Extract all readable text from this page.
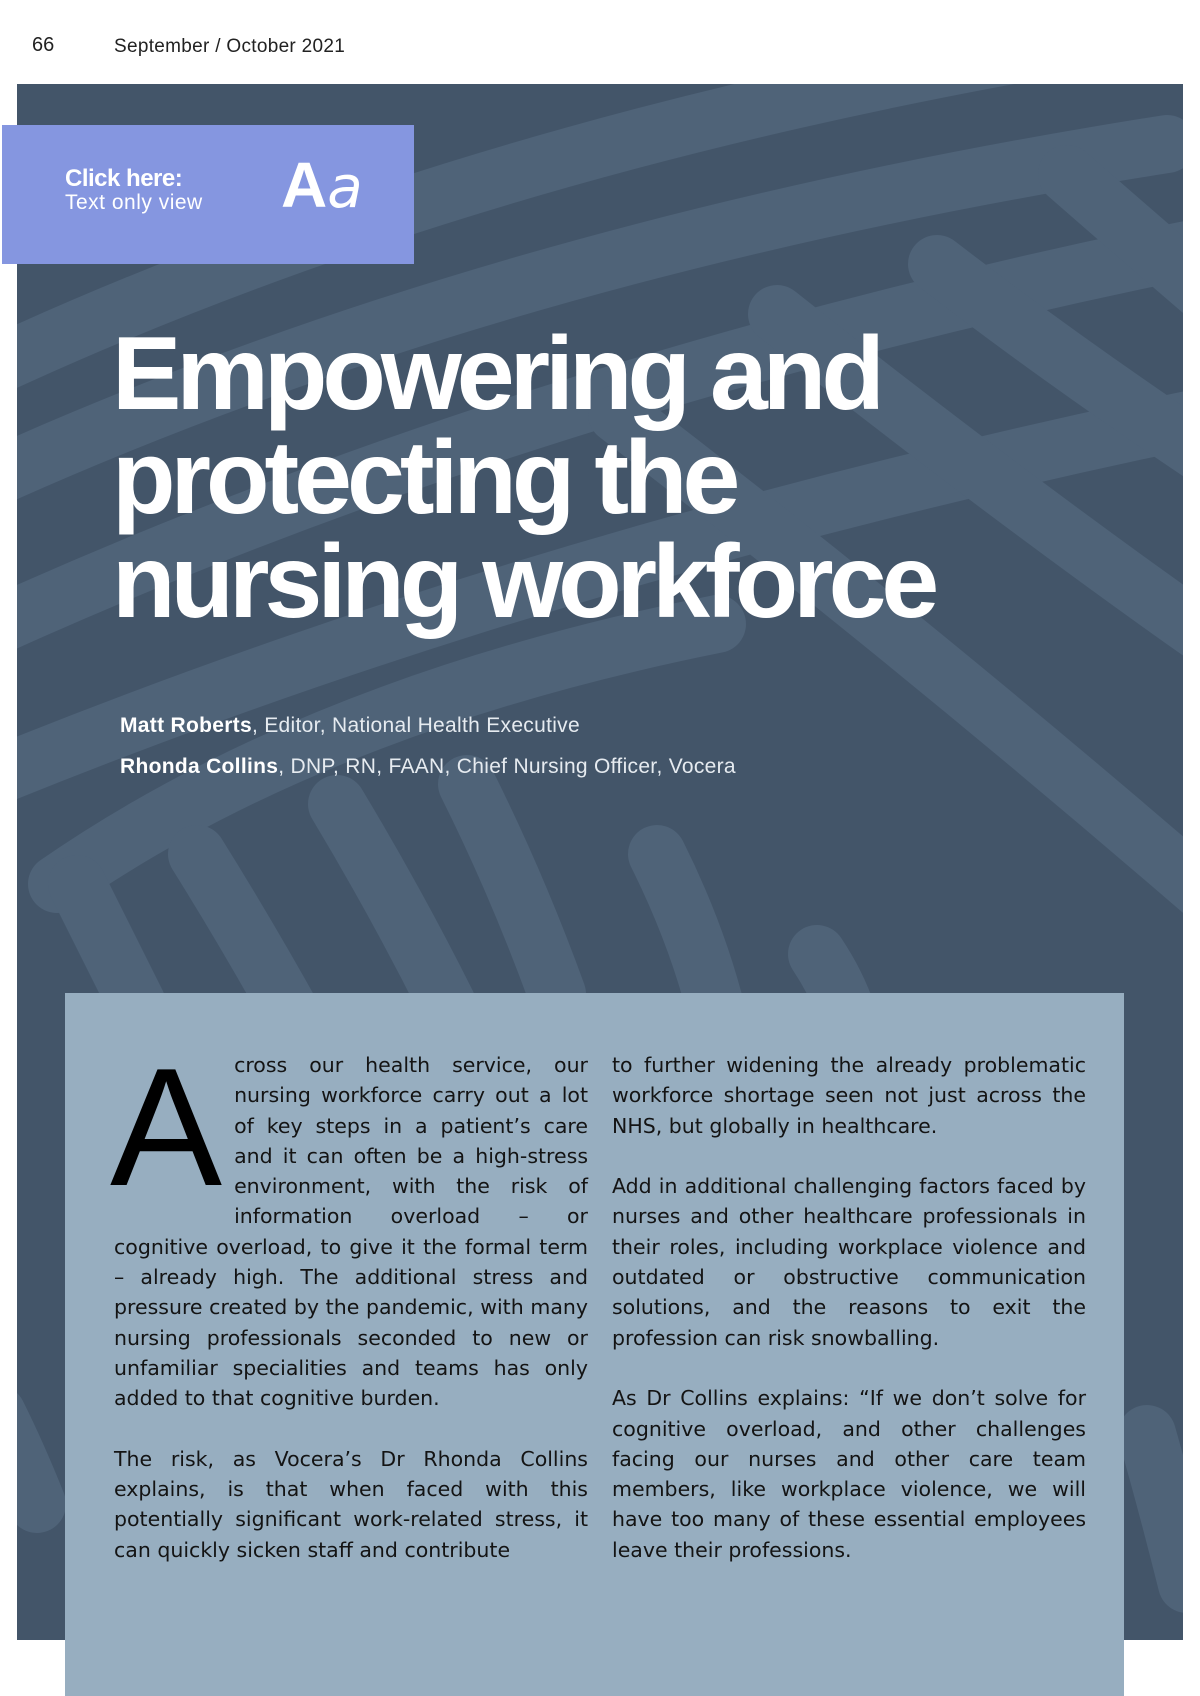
66	September / October 2021
Click here:
Text only view Aa
Empowering and
protecting the
nursing workforce
Matt Roberts, Editor, National Health Executive
Rhonda Collins, DNP, RN, FAAN, Chief Nursing Officer, Vocera

Across our health service, our nursing workforce carry out a lot of key steps in a patient’s care and it can often be a high-stress environment, with the risk of information overload – or cognitive overload, to give it the formal term – already high. The additional stress and pressure created by the pandemic, with many nursing professionals seconded to new or unfamiliar specialities and teams has only added to that cognitive burden.

The risk, as Vocera’s Dr Rhonda Collins explains, is that when faced with this potentially significant work-related stress, it can quickly sicken staff and contribute

to further widening the already problematic workforce shortage seen not just across the NHS, but globally in healthcare.

Add in additional challenging factors faced by nurses and other healthcare professionals in their roles, including workplace violence and outdated or obstructive communication solutions, and the reasons to exit the profession can risk snowballing.

As Dr Collins explains: “If we don’t solve for cognitive overload, and other challenges facing our nurses and other care team members, like workplace violence, we will have too many of these essential employees leave their professions.
